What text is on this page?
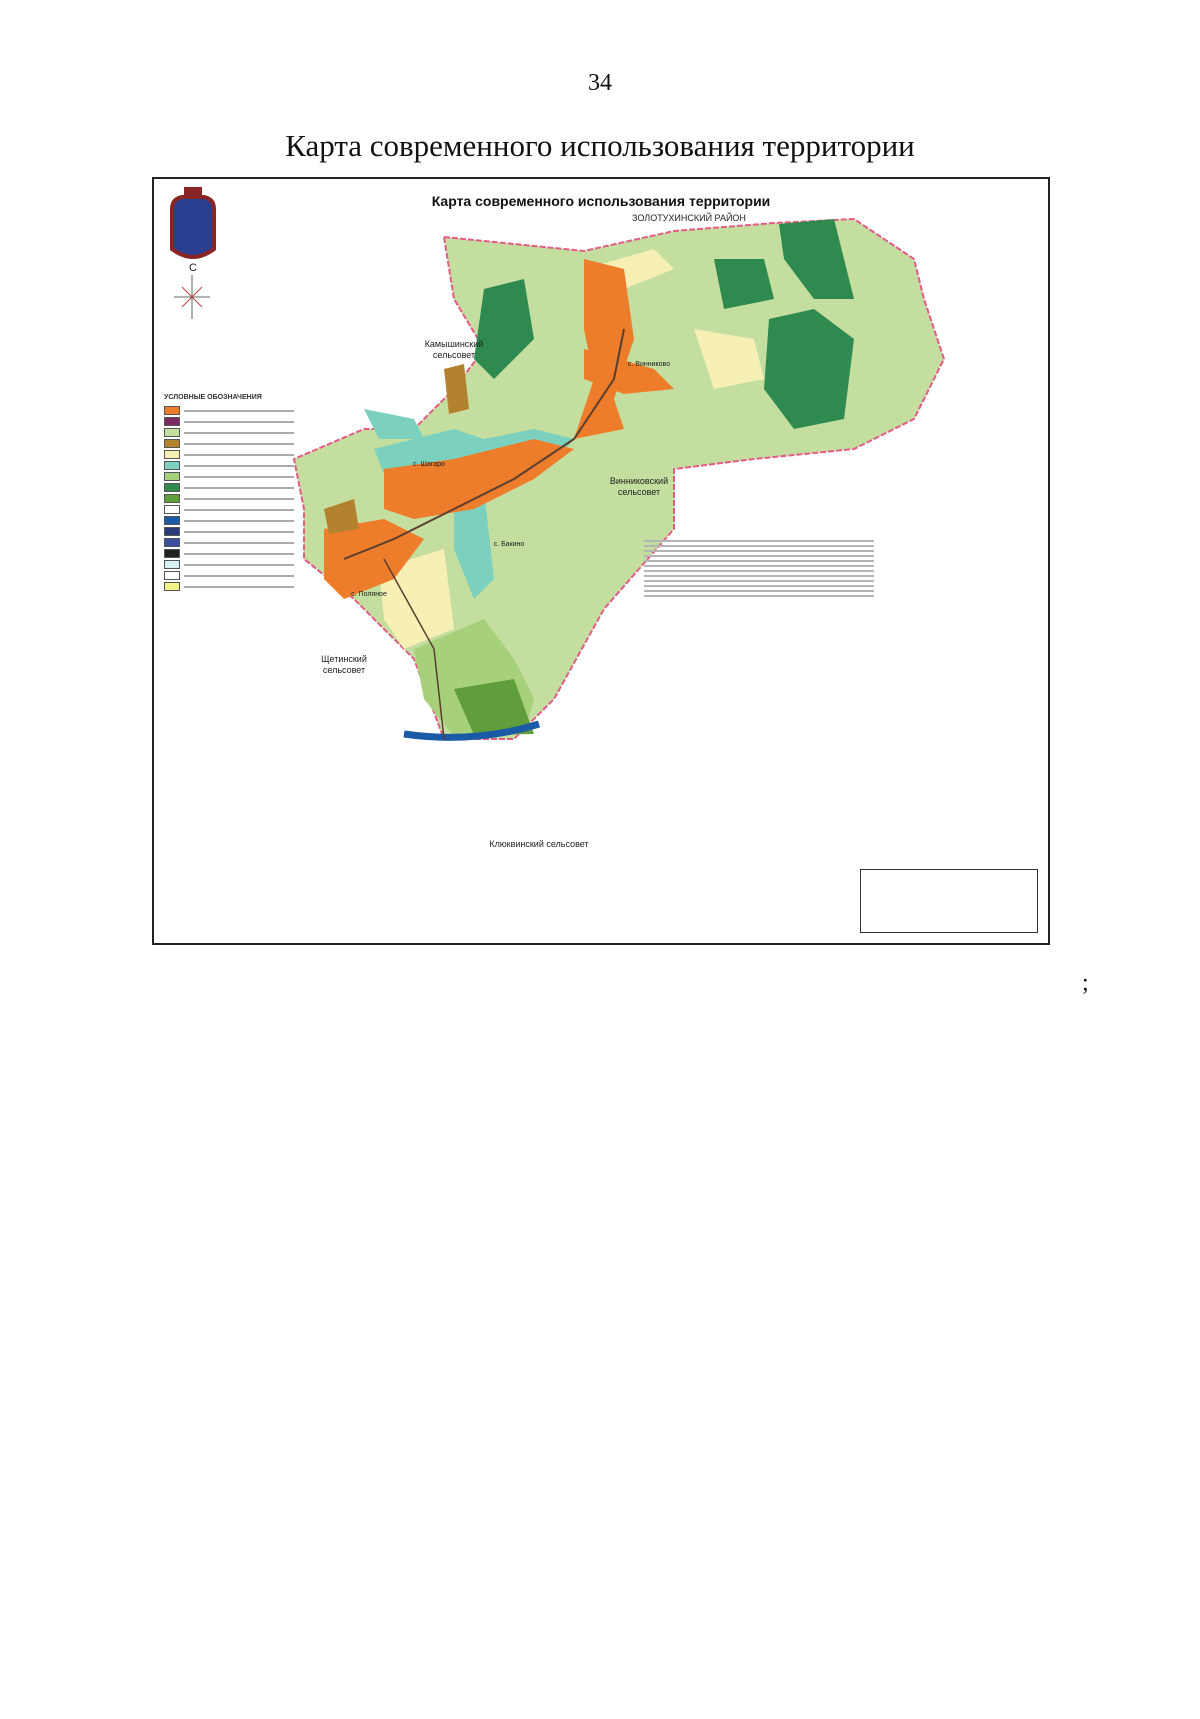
34
Карта современного использования территории
Карта современного использования территории
С
ЗОЛОТУХИНСКИЙ РАЙОН
Камышинский
сельсовет
Винниковский
сельсовет
Щетинский
сельсовет
Клюквинский сельсовет
с. Винниково
с. Шагаро
с. Бакино
с. Поляное
УСЛОВНЫЕ ОБОЗНАЧЕНИЯ
;
